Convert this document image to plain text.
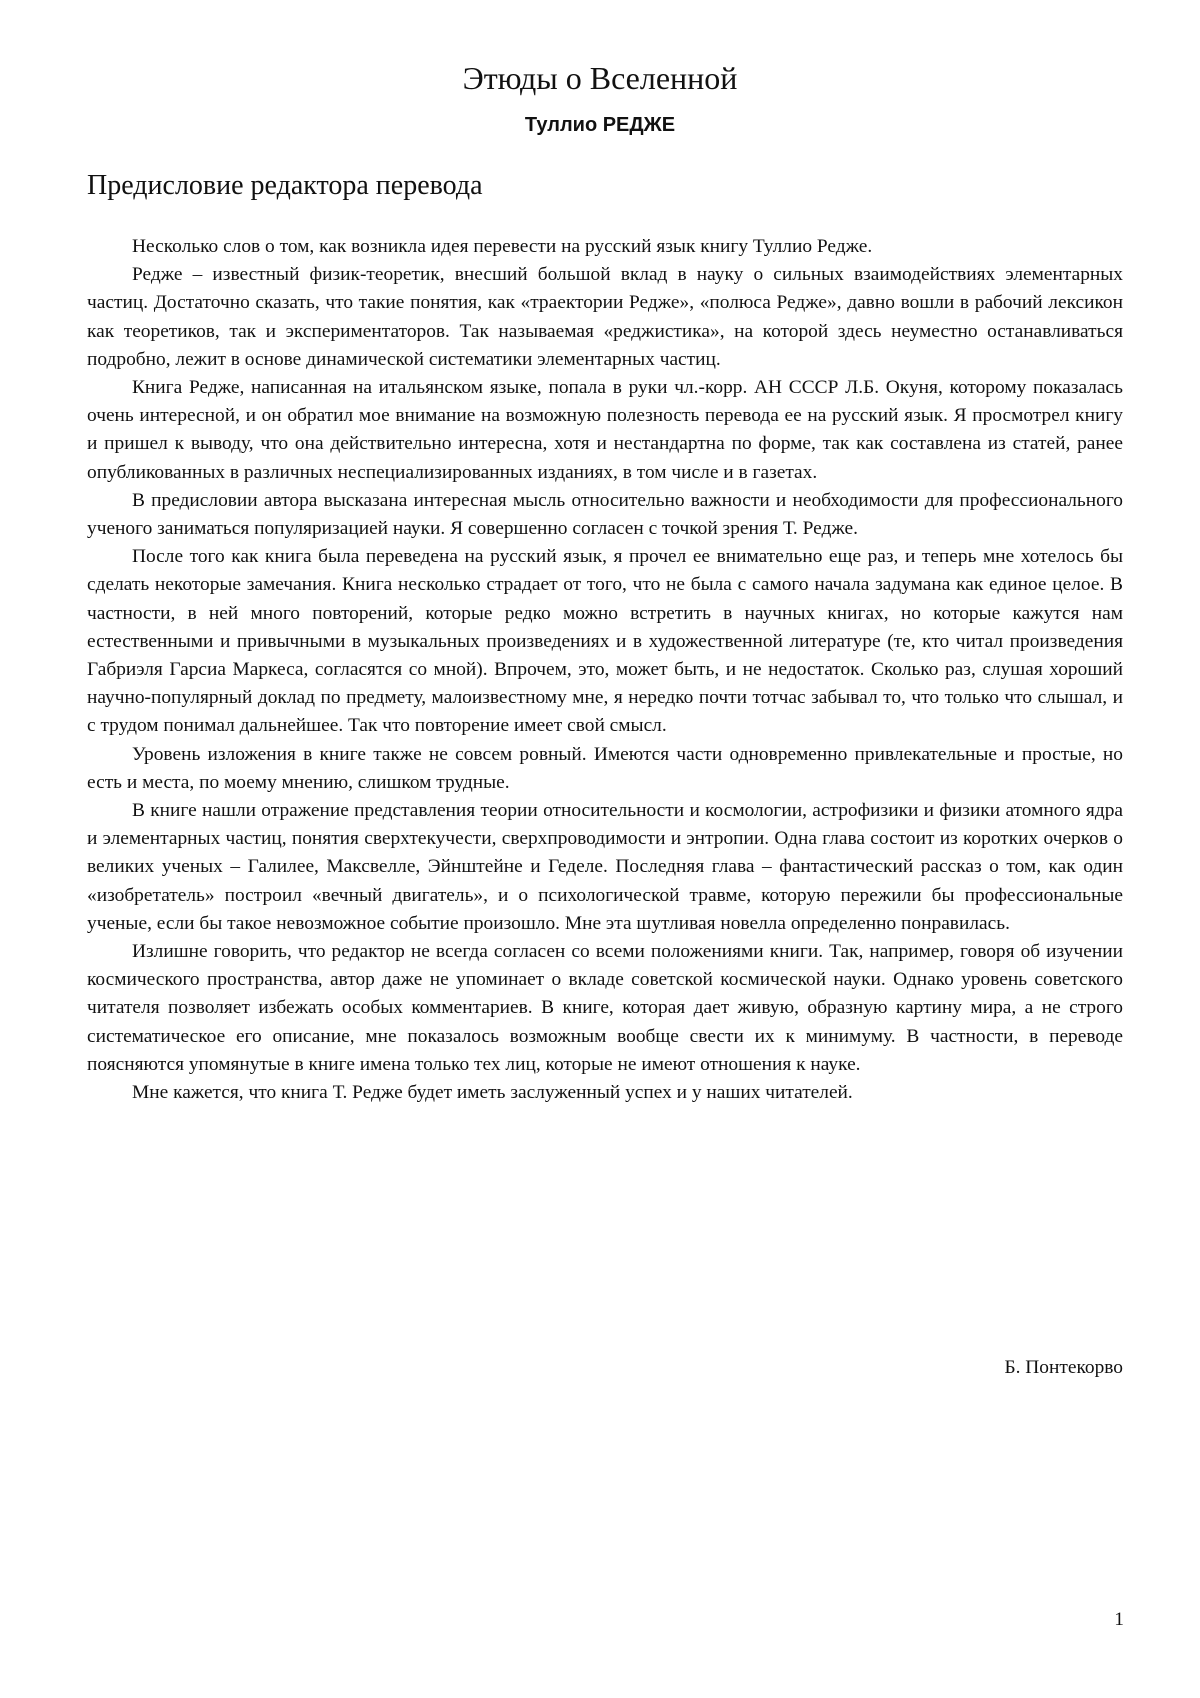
Этюды о Вселенной
Туллио РЕДЖЕ
Предисловие редактора перевода

Несколько слов о том, как возникла идея перевести на русский язык книгу Туллио Редже.

Редже – известный физик-теоретик, внесший большой вклад в науку о сильных взаимодействиях элементарных частиц. Достаточно сказать, что такие понятия, как «траектории Редже», «полюса Редже», давно вошли в рабочий лексикон как теоретиков, так и экспериментаторов. Так называемая «реджистика», на которой здесь неуместно останавливаться подробно, лежит в основе динамической систематики элементарных частиц.

Книга Редже, написанная на итальянском языке, попала в руки чл.-корр. АН СССР Л.Б. Окуня, которому показалась очень интересной, и он обратил мое внимание на возможную полезность перевода ее на русский язык. Я просмотрел книгу и пришел к выводу, что она действительно интересна, хотя и нестандартна по форме, так как составлена из статей, ранее опубликованных в различных неспециализированных изданиях, в том числе и в газетах.

В предисловии автора высказана интересная мысль относительно важности и необходимости для профессионального ученого заниматься популяризацией науки. Я совершенно согласен с точкой зрения Т. Редже.

После того как книга была переведена на русский язык, я прочел ее внимательно еще раз, и теперь мне хотелось бы сделать некоторые замечания. Книга несколько страдает от того, что не была с самого начала задумана как единое целое. В частности, в ней много повторений, которые редко можно встретить в научных книгах, но которые кажутся нам естественными и привычными в музыкальных произведениях и в художественной литературе (те, кто читал произведения Габриэля Гарсиа Маркеса, согласятся со мной). Впрочем, это, может быть, и не недостаток. Сколько раз, слушая хороший научно-популярный доклад по предмету, малоизвестному мне, я нередко почти тотчас забывал то, что только что слышал, и с трудом понимал дальнейшее. Так что повторение имеет свой смысл.

Уровень изложения в книге также не совсем ровный. Имеются части одновременно привлекательные и простые, но есть и места, по моему мнению, слишком трудные.

В книге нашли отражение представления теории относительности и космологии, астрофизики и физики атомного ядра и элементарных частиц, понятия сверхтекучести, сверхпроводимости и энтропии. Одна глава состоит из коротких очерков о великих ученых – Галилее, Максвелле, Эйнштейне и Геделе. Последняя глава – фантастический рассказ о том, как один «изобретатель» построил «вечный двигатель», и о психологической травме, которую пережили бы профессиональные ученые, если бы такое невозможное событие произошло. Мне эта шутливая новелла определенно понравилась.

Излишне говорить, что редактор не всегда согласен со всеми положениями книги. Так, например, говоря об изучении космического пространства, автор даже не упоминает о вкладе советской космической науки. Однако уровень советского читателя позволяет избежать особых комментариев. В книге, которая дает живую, образную картину мира, а не строго систематическое его описание, мне показалось возможным вообще свести их к минимуму. В частности, в переводе поясняются упомянутые в книге имена только тех лиц, которые не имеют отношения к науке.

Мне кажется, что книга Т. Редже будет иметь заслуженный успех и у наших читателей.

Б. Понтекорво

1
